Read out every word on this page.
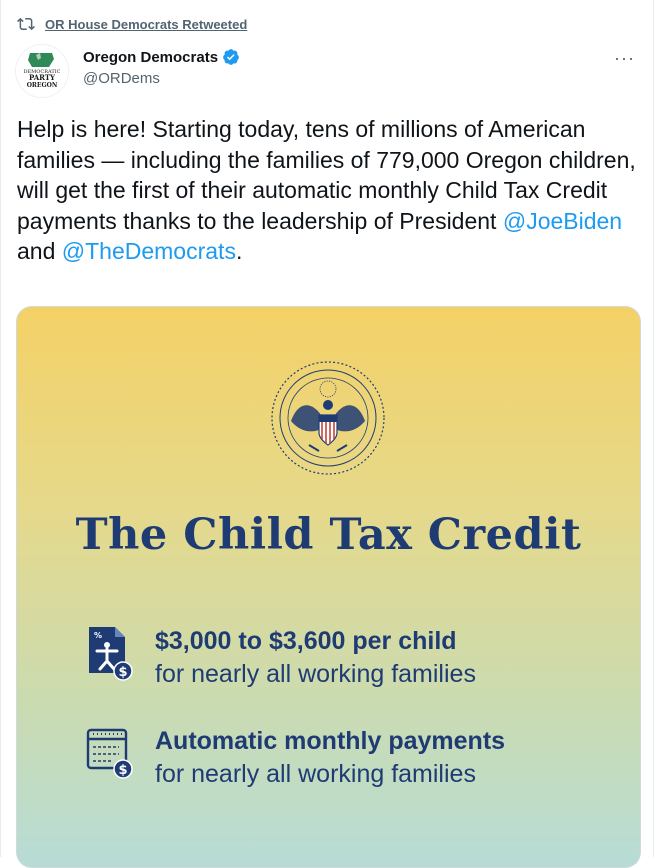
OR House Democrats Retweeted
DEMOCRATIC
PARTY
OREGON
Oregon Democrats
@ORDems
···
Help is here! Starting today, tens of millions of American families — including the families of 779,000 Oregon children, will get the first of their automatic monthly Child Tax Credit payments thanks to the leadership of President @JoeBiden and @TheDemocrats.
The Child Tax Credit
%
$
$3,000 to $3,600 per child
for nearly all working families
$
Automatic monthly payments
for nearly all working families
